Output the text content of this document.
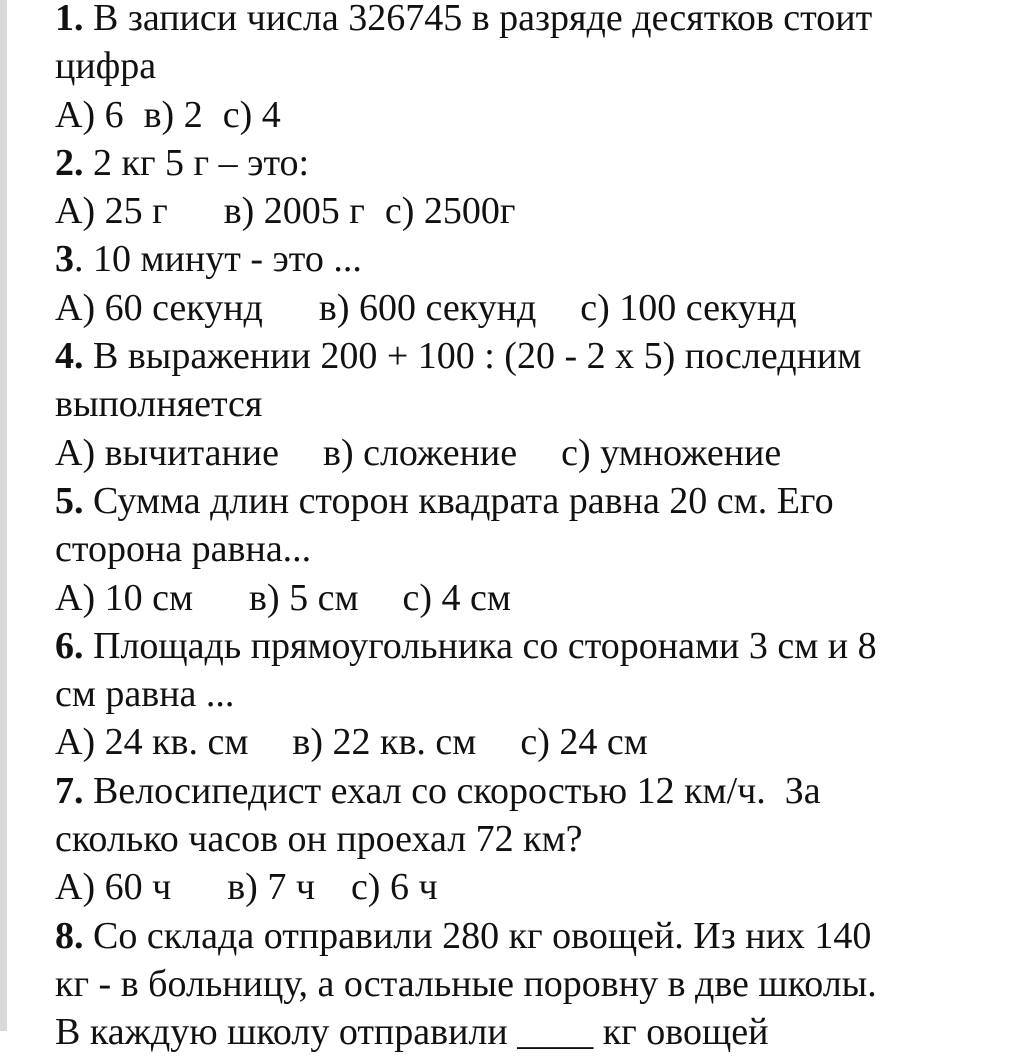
1. В записи числа 326745 в разряде десятков стоит
цифра
А) 6 в) 2 с) 4
2. 2 кг 5 г – это:
А) 25 г в) 2005 г с) 2500г
3. 10 минут - это ...
А) 60 секунд в) 600 секунд с) 100 секунд
4. В выражении 200 + 100 : (20 - 2 х 5) последним
выполняется
А) вычитание в) сложение с) умножение
5. Сумма длин сторон квадрата равна 20 см. Его
сторона равна...
А) 10 см в) 5 см с) 4 см
6. Площадь прямоугольника со сторонами 3 см и 8
см равна ...
А) 24 кв. см в) 22 кв. см с) 24 см
7. Велосипедист ехал со скоростью 12 км/ч.  За
сколько часов он проехал 72 км?
А) 60 ч в) 7 ч с) 6 ч
8. Со склада отправили 280 кг овощей. Из них 140
кг - в больницу, а остальные поровну в две школы.
В каждую школу отправили ____ кг овощей
